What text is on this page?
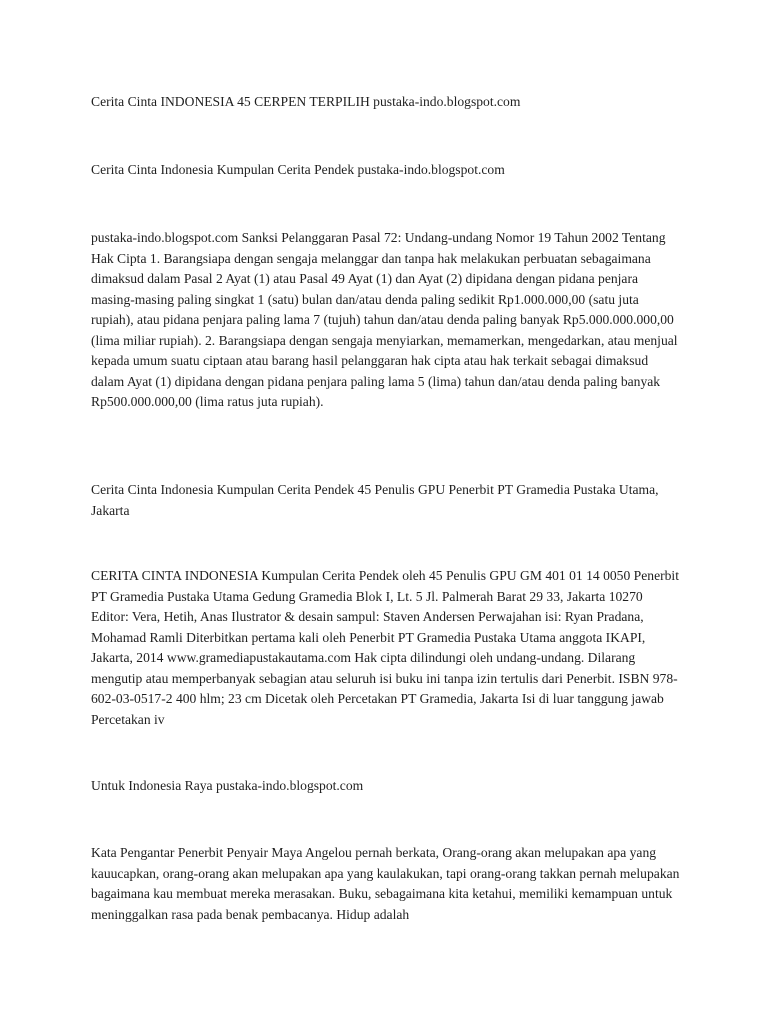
Cerita Cinta INDONESIA 45 CERPEN TERPILIH pustaka-indo.blogspot.com

Cerita Cinta Indonesia Kumpulan Cerita Pendek pustaka-indo.blogspot.com

pustaka-indo.blogspot.com Sanksi Pelanggaran Pasal 72: Undang-undang Nomor 19 Tahun 2002 Tentang Hak Cipta 1. Barangsiapa dengan sengaja melanggar dan tanpa hak melakukan perbuatan sebagaimana dimaksud dalam Pasal 2 Ayat (1) atau Pasal 49 Ayat (1) dan Ayat (2) dipidana dengan pidana penjara masing-masing paling singkat 1 (satu) bulan dan/atau denda paling sedikit Rp1.000.000,00 (satu juta rupiah), atau pidana penjara paling lama 7 (tujuh) tahun dan/atau denda paling banyak Rp5.000.000.000,00 (lima miliar rupiah). 2. Barangsiapa dengan sengaja menyiarkan, memamerkan, mengedarkan, atau menjual kepada umum suatu ciptaan atau barang hasil pelanggaran hak cipta atau hak terkait sebagai dimaksud dalam Ayat (1) dipidana dengan pidana penjara paling lama 5 (lima) tahun dan/atau denda paling banyak Rp500.000.000,00 (lima ratus juta rupiah).

Cerita Cinta Indonesia Kumpulan Cerita Pendek 45 Penulis GPU Penerbit PT Gramedia Pustaka Utama, Jakarta

CERITA CINTA INDONESIA Kumpulan Cerita Pendek oleh 45 Penulis GPU GM 401 01 14 0050 Penerbit PT Gramedia Pustaka Utama Gedung Gramedia Blok I, Lt. 5 Jl. Palmerah Barat 29 33, Jakarta 10270 Editor: Vera, Hetih, Anas Ilustrator & desain sampul: Staven Andersen Perwajahan isi: Ryan Pradana, Mohamad Ramli Diterbitkan pertama kali oleh Penerbit PT Gramedia Pustaka Utama anggota IKAPI, Jakarta, 2014 www.gramediapustakautama.com Hak cipta dilindungi oleh undang-undang. Dilarang mengutip atau memperbanyak sebagian atau seluruh isi buku ini tanpa izin tertulis dari Penerbit. ISBN 978-602-03-0517-2 400 hlm; 23 cm Dicetak oleh Percetakan PT Gramedia, Jakarta Isi di luar tanggung jawab Percetakan iv

Untuk Indonesia Raya pustaka-indo.blogspot.com

Kata Pengantar Penerbit Penyair Maya Angelou pernah berkata, Orang-orang akan melupakan apa yang kauucapkan, orang-orang akan melupakan apa yang kaulakukan, tapi orang-orang takkan pernah melupakan bagaimana kau membuat mereka merasakan. Buku, sebagaimana kita ketahui, memiliki kemampuan untuk meninggalkan rasa pada benak pembacanya. Hidup adalah
